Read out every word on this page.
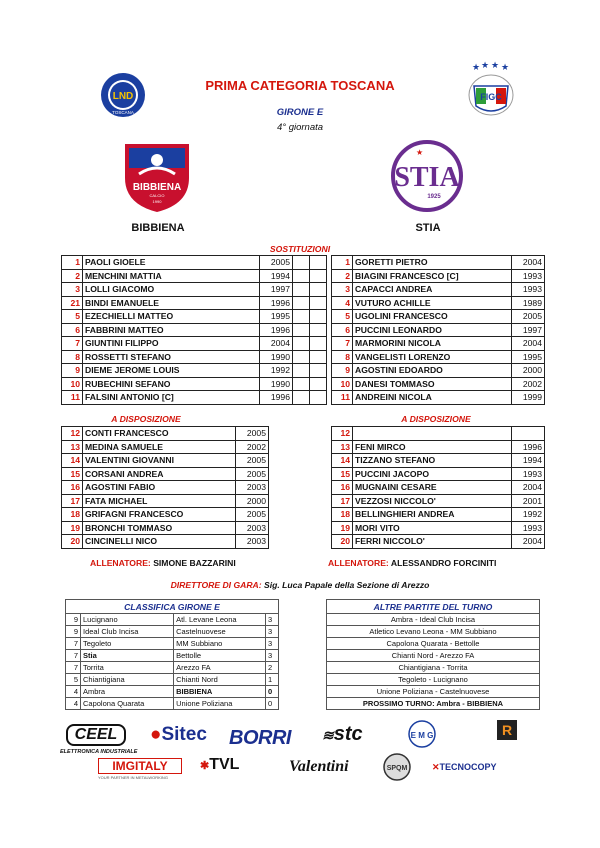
LND
TOSCANA
★ ★ ★ ★
FIGC
PRIMA CATEGORIA TOSCANA
GIRONE E
4° giornata
BIBBIENA
CALCIO
1990
STIA
1925
★
BIBBIENA	STIA
SOSTITUZIONI
1	PAOLI GIOELE	2005		
2	MENCHINI MATTIA	1994		
3	LOLLI GIACOMO	1997		
21	BINDI EMANUELE	1996		
5	EZECHIELLI MATTEO	1995		
6	FABBRINI MATTEO	1996		
7	GIUNTINI FILIPPO	2004		
8	ROSSETTI STEFANO	1990		
9	DIEME JEROME LOUIS	1992		
10	RUBECHINI SEFANO	1990		
11	FALSINI ANTONIO [C]	1996		
1	GORETTI PIETRO	2004
2	BIAGINI FRANCESCO [C]	1993
3	CAPACCI ANDREA	1993
4	VUTURO ACHILLE	1989
5	UGOLINI FRANCESCO	2005
6	PUCCINI LEONARDO	1997
7	MARMORINI NICOLA	2004
8	VANGELISTI LORENZO	1995
9	AGOSTINI EDOARDO	2000
10	DANESI TOMMASO	2002
11	ANDREINI NICOLA	1999
A DISPOSIZIONE	A DISPOSIZIONE
12	CONTI FRANCESCO	2005
13	MEDINA SAMUELE	2002
14	VALENTINI GIOVANNI	2005
15	CORSANI ANDREA	2005
16	AGOSTINI FABIO	2003
17	FATA MICHAEL	2000
18	GRIFAGNI FRANCESCO	2005
19	BRONCHI TOMMASO	2003
20	CINCINELLI NICO	2003
12		
13	FENI MIRCO	1996
14	TIZZANO STEFANO	1994
15	PUCCINI JACOPO	1993
16	MUGNAINI CESARE	2004
17	VEZZOSI NICCOLO'	2001
18	BELLINGHIERI ANDREA	1992
19	MORI VITO	1993
20	FERRI NICCOLO'	2004
ALLENATORE: SIMONE BAZZARINI	ALLENATORE: ALESSANDRO FORCINITI
DIRETTORE DI GARA: Sig. Luca Papale della Sezione di Arezzo
CLASSIFICA GIRONE E
9	Lucignano	Atl. Levane Leona	3
9	Ideal Club Incisa	Castelnuovese	3
7	Tegoleto	MM Subbiano	3
7	Stia	Bettolle	3
7	Torrita	Arezzo FA	2
5	Chiantigiana	Chianti Nord	1
4	Ambra	BIBBIENA	0
4	Capolona Quarata	Unione Poliziana	0
ALTRE PARTITE DEL TURNO
Ambra - Ideal Club Incisa
Atletico Levano Leona - MM Subbiano
Capolona Quarata - Bettolle
Chianti Nord - Arezzo FA
Chiantigiana - Torrita
Tegoleto - Lucignano
Unione Poliziana - Castelnuovese
PROSSIMO TURNO: Ambra - BIBBIENA
CEEL
ELETTRONICA INDUSTRIALE
●Sitec BORRI ≋stc	E M G	R
IMGITALY
YOUR PARTNER IN METALWORKING
✱TVL	Valentini	SPQM	✕TECNOCOPY
